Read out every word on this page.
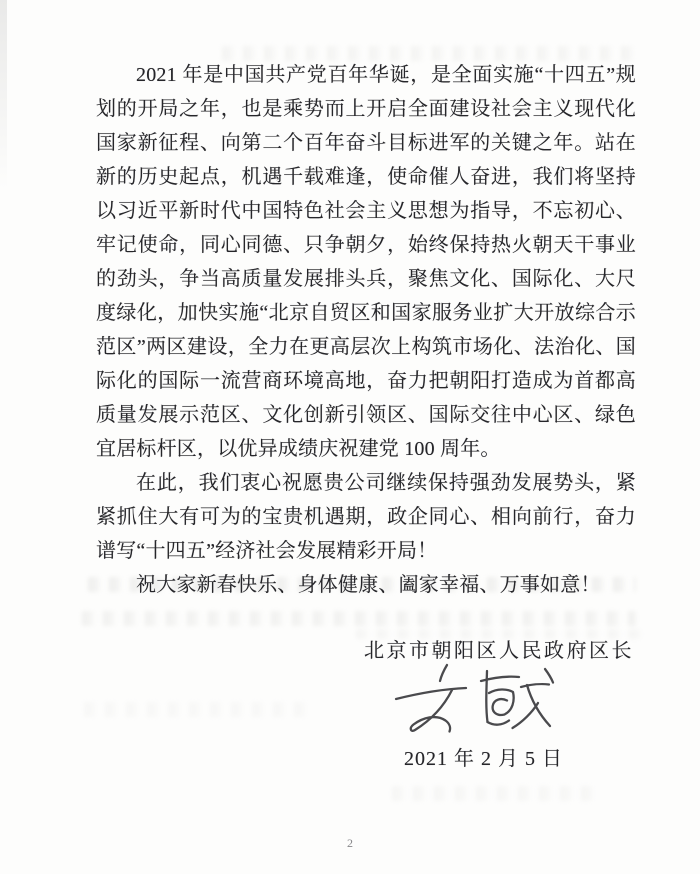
2021 年是中国共产党百年华诞，是全面实施“十四五”规划的开局之年，也是乘势而上开启全面建设社会主义现代化国家新征程、向第二个百年奋斗目标进军的关键之年。站在新的历史起点，机遇千载难逢，使命催人奋进，我们将坚持以习近平新时代中国特色社会主义思想为指导，不忘初心、牢记使命，同心同德、只争朝夕，始终保持热火朝天干事业的劲头，争当高质量发展排头兵，聚焦文化、国际化、大尺度绿化，加快实施“北京自贸区和国家服务业扩大开放综合示范区”两区建设，全力在更高层次上构筑市场化、法治化、国际化的国际一流营商环境高地，奋力把朝阳打造成为首都高质量发展示范区、文化创新引领区、国际交往中心区、绿色宜居标杆区，以优异成绩庆祝建党 100 周年。

在此，我们衷心祝愿贵公司继续保持强劲发展势头，紧紧抓住大有可为的宝贵机遇期，政企同心、相向前行，奋力谱写“十四五”经济社会发展精彩开局！

祝大家新春快乐、身体健康、阖家幸福、万事如意！

北京市朝阳区人民政府区长
2021 年 2 月 5 日
2
